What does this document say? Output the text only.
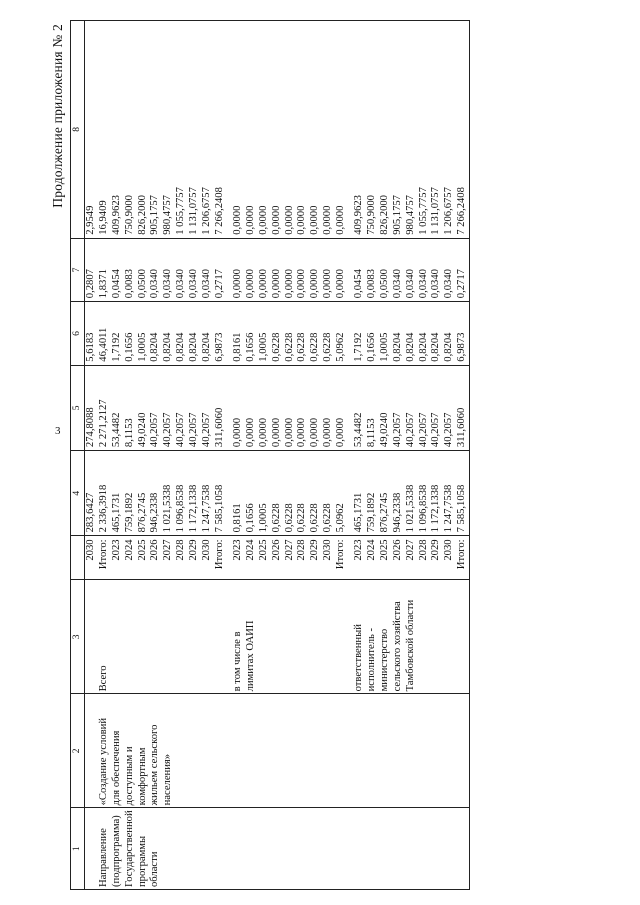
3
Продолжение приложения № 2
1	2	3		4	5	6	7	8
			2030	283,6427	274,8088	5,6183	0,2807	2,9549
Направление	«Создание условий	Всего	Итого:	2 336,3918	2 271,2127	46,4011	1,8371	16,9409
(подпрограмма)	для обеспечения		2023	465,1731	53,4482	1,7192	0,0454	409,9623
Государственной	доступным и		2024	759,1892	8,1153	0,1656	0,0083	750,9000
программы	комфортным		2025	876,2745	49,0240	1,0005	0,0500	826,2000
области	жильем сельского		2026	946,2338	40,2057	0,8204	0,0340	905,1757
	населения»		2027	1 021,5338	40,2057	0,8204	0,0340	980,4757
			2028	1 096,8538	40,2057	0,8204	0,0340	1 055,7757
			2029	1 172,1338	40,2057	0,8204	0,0340	1 131,0757
			2030	1 247,7538	40,2057	0,8204	0,0340	1 206,6757
			Итого:	7 585,1058	311,6060	6,9873	0,2717	7 266,2408

		в том числе в	2023	0,8161	0,0000	0,8161	0,0000	0,0000
		лимитах ОАИП	2024	0,1656	0,0000	0,1656	0,0000	0,0000
			2025	1,0005	0,0000	1,0005	0,0000	0,0000
			2026	0,6228	0,0000	0,6228	0,0000	0,0000
			2027	0,6228	0,0000	0,6228	0,0000	0,0000
			2028	0,6228	0,0000	0,6228	0,0000	0,0000
			2029	0,6228	0,0000	0,6228	0,0000	0,0000
			2030	0,6228	0,0000	0,6228	0,0000	0,0000
			Итого:	5,0962	0,0000	5,0962	0,0000	0,0000

		ответственный	2023	465,1731	53,4482	1,7192	0,0454	409,9623
		исполнитель -	2024	759,1892	8,1153	0,1656	0,0083	750,9000
		министерство	2025	876,2745	49,0240	1,0005	0,0500	826,2000
		сельского хозяйства	2026	946,2338	40,2057	0,8204	0,0340	905,1757
		Тамбовской области	2027	1 021,5338	40,2057	0,8204	0,0340	980,4757
			2028	1 096,8538	40,2057	0,8204	0,0340	1 055,7757
			2029	1 172,1338	40,2057	0,8204	0,0340	1 131,0757
			2030	1 247,7538	40,2057	0,8204	0,0340	1 206,6757
			Итого:	7 585,1058	311,6060	6,9873	0,2717	7 266,2408
